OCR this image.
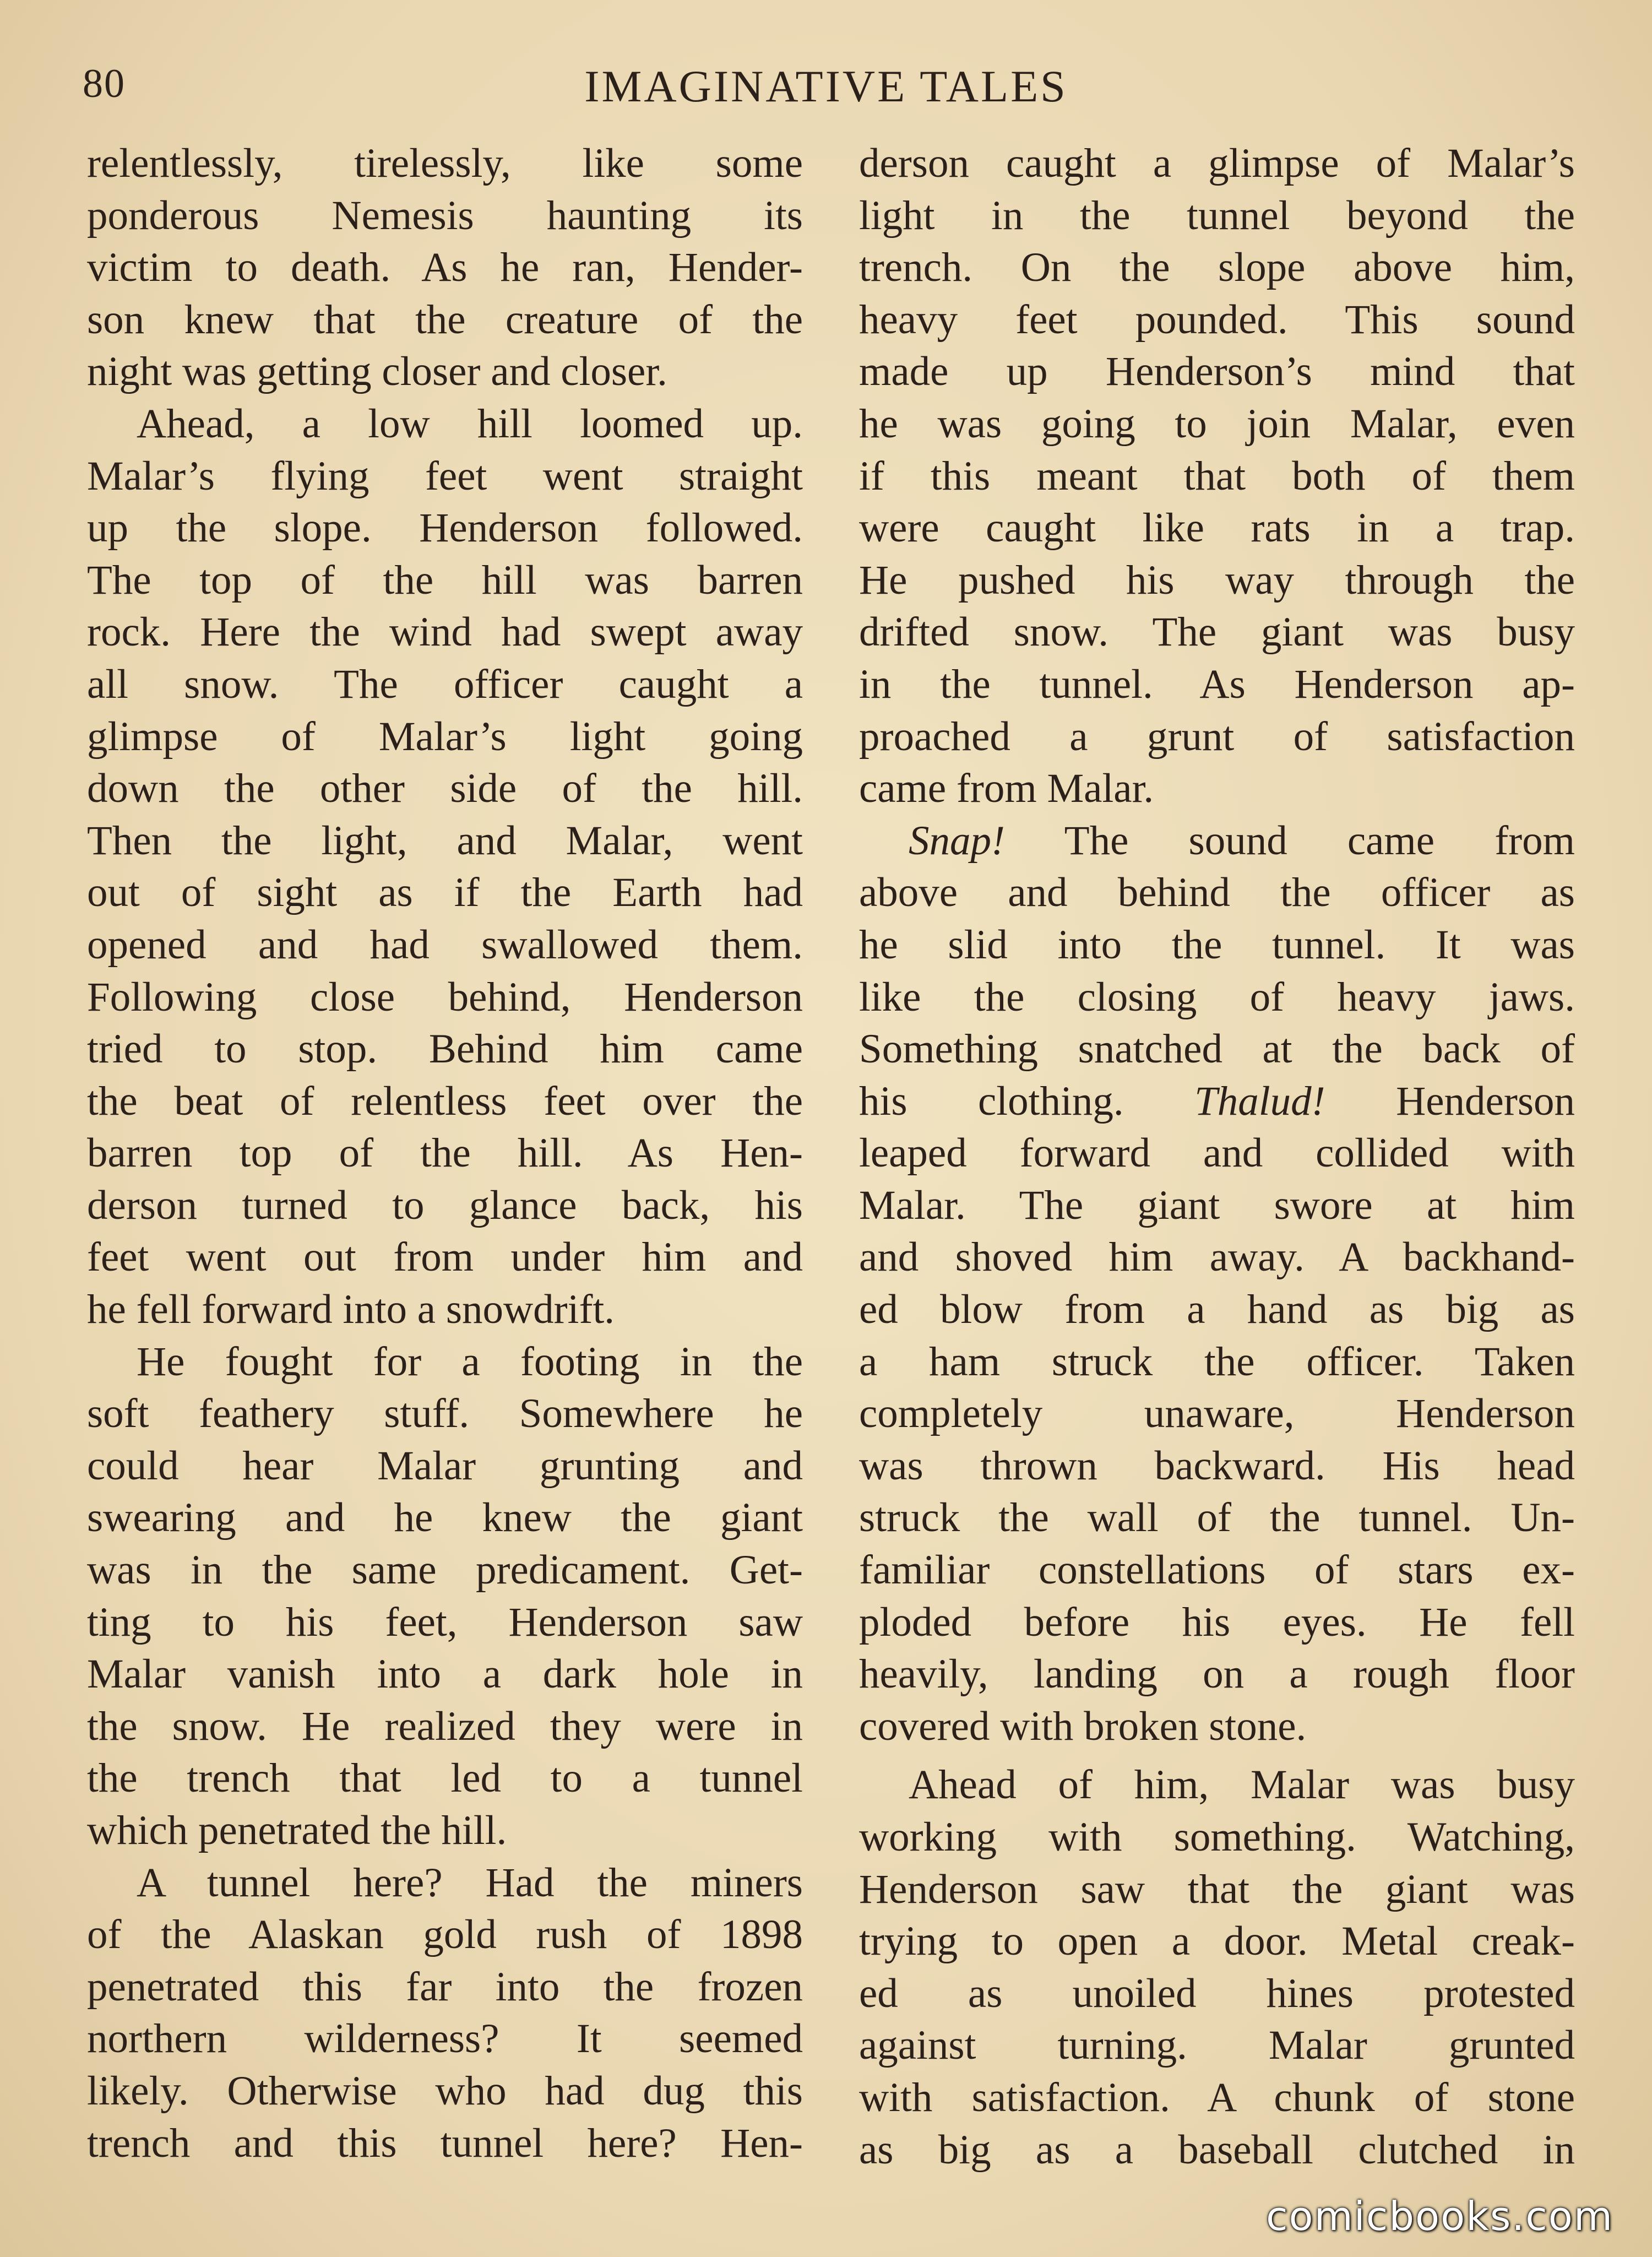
80	IMAGINATIVE TALES
relentlessly, tirelessly, like some
ponderous Nemesis haunting its
victim to death. As he ran, Hender-
son knew that the creature of the
night was getting closer and closer.
Ahead, a low hill loomed up.
Malar’s flying feet went straight
up the slope. Henderson followed.
The top of the hill was barren
rock. Here the wind had swept away
all snow. The officer caught a
glimpse of Malar’s light going
down the other side of the hill.
Then the light, and Malar, went
out of sight as if the Earth had
opened and had swallowed them.
Following close behind, Henderson
tried to stop. Behind him came
the beat of relentless feet over the
barren top of the hill. As Hen-
derson turned to glance back, his
feet went out from under him and
he fell forward into a snowdrift.
He fought for a footing in the
soft feathery stuff. Somewhere he
could hear Malar grunting and
swearing and he knew the giant
was in the same predicament. Get-
ting to his feet, Henderson saw
Malar vanish into a dark hole in
the snow. He realized they were in
the trench that led to a tunnel
which penetrated the hill.
A tunnel here? Had the miners
of the Alaskan gold rush of 1898
penetrated this far into the frozen
northern wilderness? It seemed
likely. Otherwise who had dug this
trench and this tunnel here? Hen-
derson caught a glimpse of Malar’s
light in the tunnel beyond the
trench. On the slope above him,
heavy feet pounded. This sound
made up Henderson’s mind that
he was going to join Malar, even
if this meant that both of them
were caught like rats in a trap.
He pushed his way through the
drifted snow. The giant was busy
in the tunnel. As Henderson ap-
proached a grunt of satisfaction
came from Malar.
Snap! The sound came from
above and behind the officer as
he slid into the tunnel. It was
like the closing of heavy jaws.
Something snatched at the back of
his clothing. Thalud! Henderson
leaped forward and collided with
Malar. The giant swore at him
and shoved him away. A backhand-
ed blow from a hand as big as
a ham struck the officer. Taken
completely unaware, Henderson
was thrown backward. His head
struck the wall of the tunnel. Un-
familiar constellations of stars ex-
ploded before his eyes. He fell
heavily, landing on a rough floor
covered with broken stone.
Ahead of him, Malar was busy
working with something. Watching,
Henderson saw that the giant was
trying to open a door. Metal creak-
ed as unoiled hines protested
against turning. Malar grunted
with satisfaction. A chunk of stone
as big as a baseball clutched in
comicbooks.com
